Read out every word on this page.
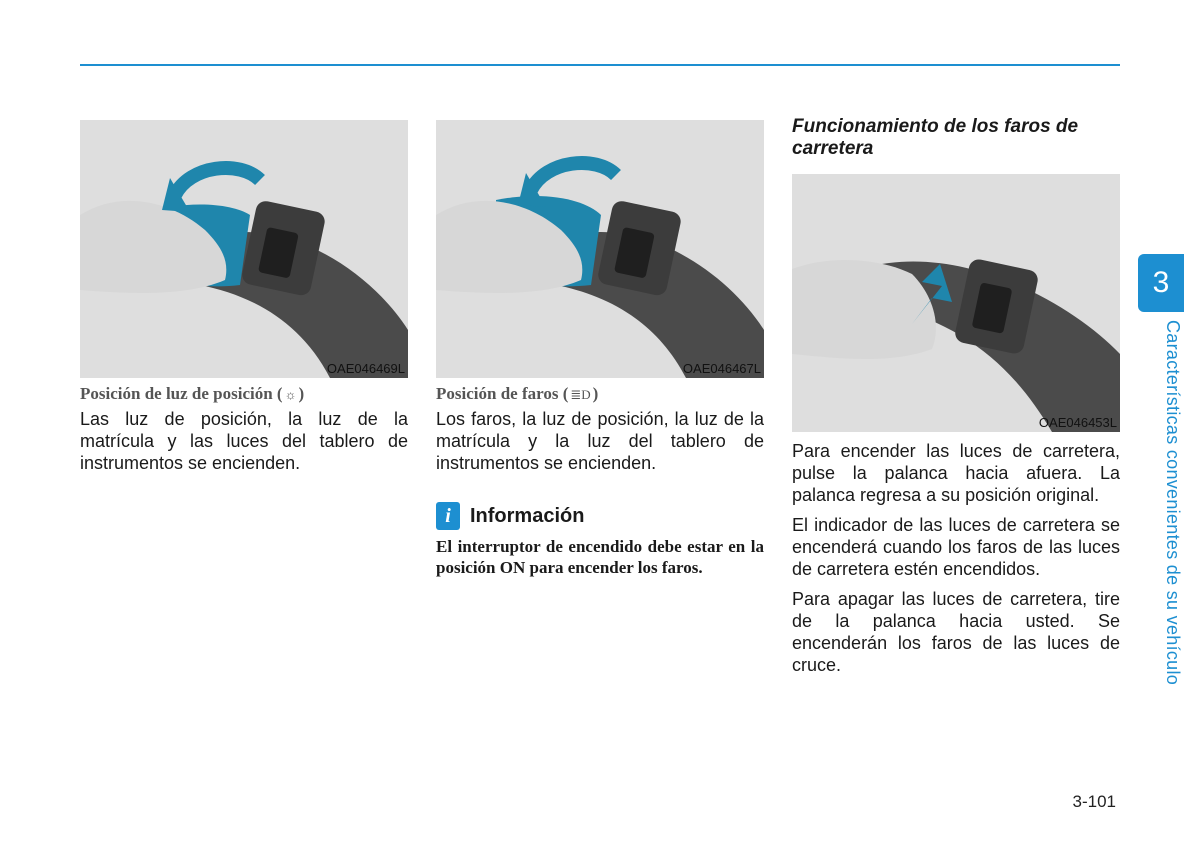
OAE046469L
Posición de luz de posición ( ☼ )

Las luz de posición, la luz de la matrícula y las luces del tablero de instrumentos se encienden.

OAE046467L
Posición de faros ( ≣D )

Los faros, la luz de posición, la luz de la matrícula y la luz del tablero de instrumentos se encienden.

i Información

El interruptor de encendido debe estar en la posición ON para encender los faros.

Funcionamiento de los faros de carretera
OAE046453L

Para encender las luces de carretera, pulse la palanca hacia afuera. La palanca regresa a su posición original.

El indicador de las luces de carretera se encenderá cuando los faros de las luces de carretera estén encendidos.

Para apagar las luces de carretera, tire de la palanca hacia usted. Se encenderán los faros de las luces de cruce.

3
Características convenientes de su vehículo
3-101
